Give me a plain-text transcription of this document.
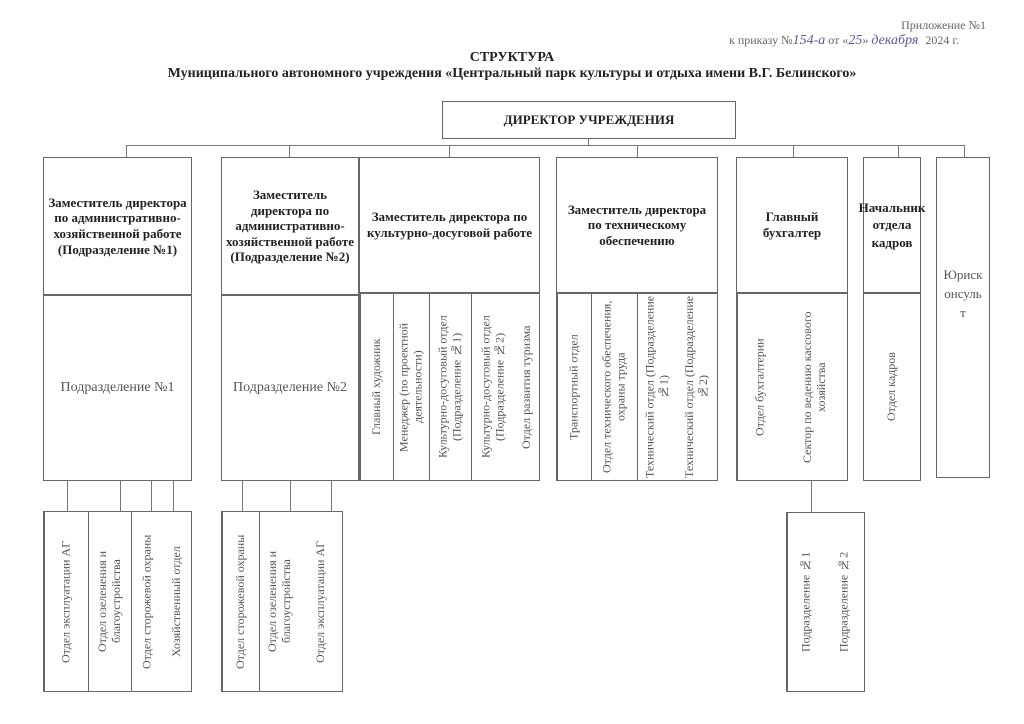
Приложение №1
к приказу №154-а от «25» декабря 2024 г.
СТРУКТУРА
Муниципального автономного учреждения «Центральный парк культуры и отдыха имени В.Г. Белинского»
ДИРЕКТОР УЧРЕЖДЕНИЯ
Заместитель директора по административно-хозяйственной работе (Подразделение №1)
Подразделение №1
Отдел эксплуатации АГ	Отдел озеленения и благоустройства	Отдел сторожевой охраны	Хозяйственный отдел
Заместитель директора по административно-хозяйственной работе (Подразделение №2)
Подразделение №2
Отдел сторожевой охраны	Отдел озеленения и благоустройства	Отдел эксплуатации АГ
Заместитель директора по культурно-досуговой работе
Главный художник	Менеджер (по проектной деятельности) Культурно-досуговый отдел (Подразделение №1)	Культурно-досуговый отдел (Подразделение №2)	Отдел развития туризма
Заместитель директора по техническому обеспечению
Транспортный отдел	Отдел технического обеспечения, охраны труда	Технический отдел (Подразделение №1) Технический отдел (Подразделение №2)
Главный бухгалтер
Отдел бухгалтерии	Сектор по ведению кассового хозяйства
Подразделение №1	Подразделение №2
Начальник отдела кадров
Отдел кадров
Юрисконсульт
